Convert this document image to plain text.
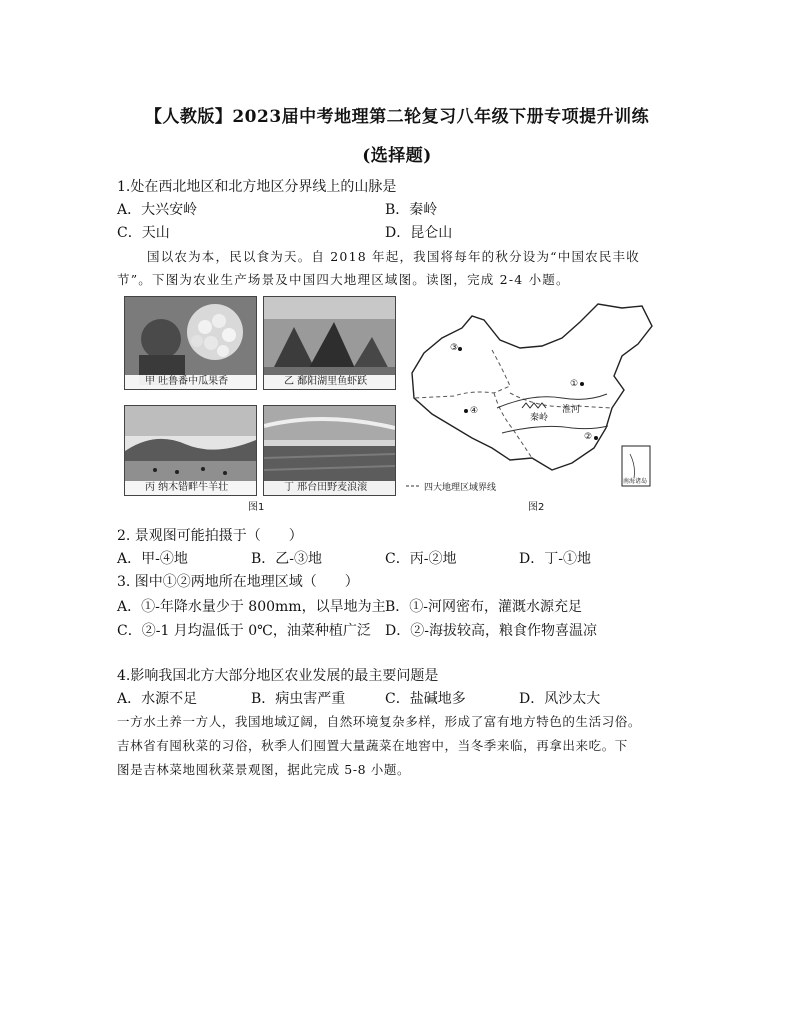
【人教版】2023届中考地理第二轮复习八年级下册专项提升训练
(选择题)
1.处在西北地区和北方地区分界线上的山脉是
A．大兴安岭	B．秦岭
C．天山	D．昆仑山
国以农为本，民以食为天。自 2018 年起，我国将每年的秋分设为“中国农民丰收
节”。下图为农业生产场景及中国四大地理区域图。读图，完成 2-4 小题。
甲 吐鲁番中瓜果香	乙 鄱阳湖里鱼虾跃
丙 纳木错畔牛羊壮	丁 邢台田野麦浪滚
图1
③
①
②
④
秦岭
淮河
南海诸岛
四大地理区域界线
图2
2. 景观图可能拍摄于（　　）
A．甲-④地	B．乙-③地	C．丙-②地	D．丁-①地
3. 图中①②两地所在地理区域（　　）
A．①-年降水量少于 800mm，以旱地为主 B．①-河网密布，灌溉水源充足
C．②-1 月均温低于 0℃，油菜种植广泛 D．②-海拔较高，粮食作物喜温凉
4.影响我国北方大部分地区农业发展的最主要问题是
A．水源不足	B．病虫害严重	C．盐碱地多	D．风沙太大
一方水土养一方人，我国地域辽阔，自然环境复杂多样，形成了富有地方特色的生活习俗。
吉林省有囤秋菜的习俗，秋季人们囤置大量蔬菜在地窖中，当冬季来临，再拿出来吃。下
图是吉林菜地囤秋菜景观图，据此完成 5-8 小题。
